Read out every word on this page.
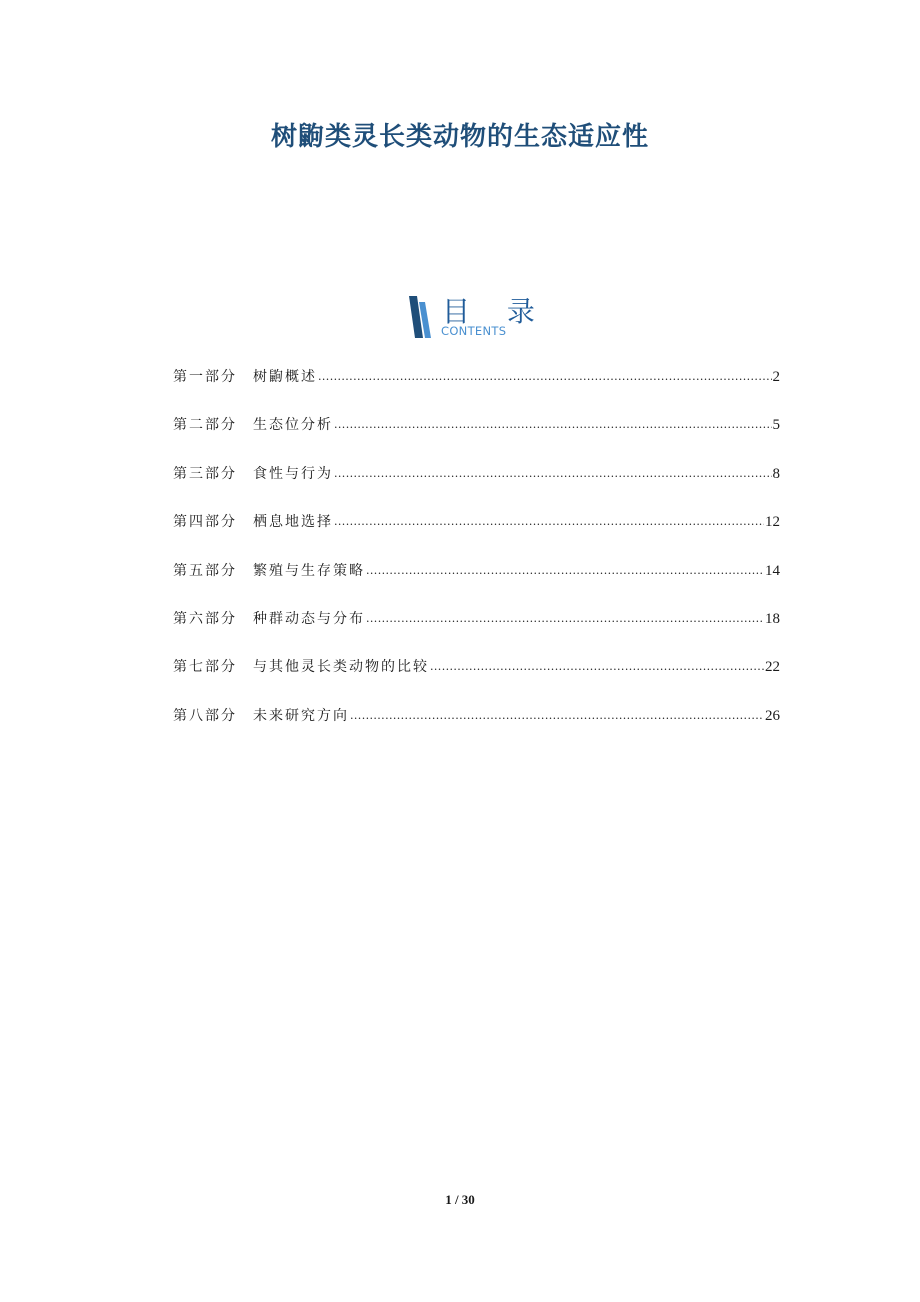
树鼩类灵长类动物的生态适应性
目 录
CONTENTS
第一部分 树鼩概述 .....	2
第二部分 生态位分析 .....	5
第三部分 食性与行为 .....	8
第四部分 栖息地选择 .....	12
第五部分 繁殖与生存策略 .....	14
第六部分 种群动态与分布 .....	18
第七部分 与其他灵长类动物的比较 .....	22
第八部分 未来研究方向 .....	26
1 / 30
